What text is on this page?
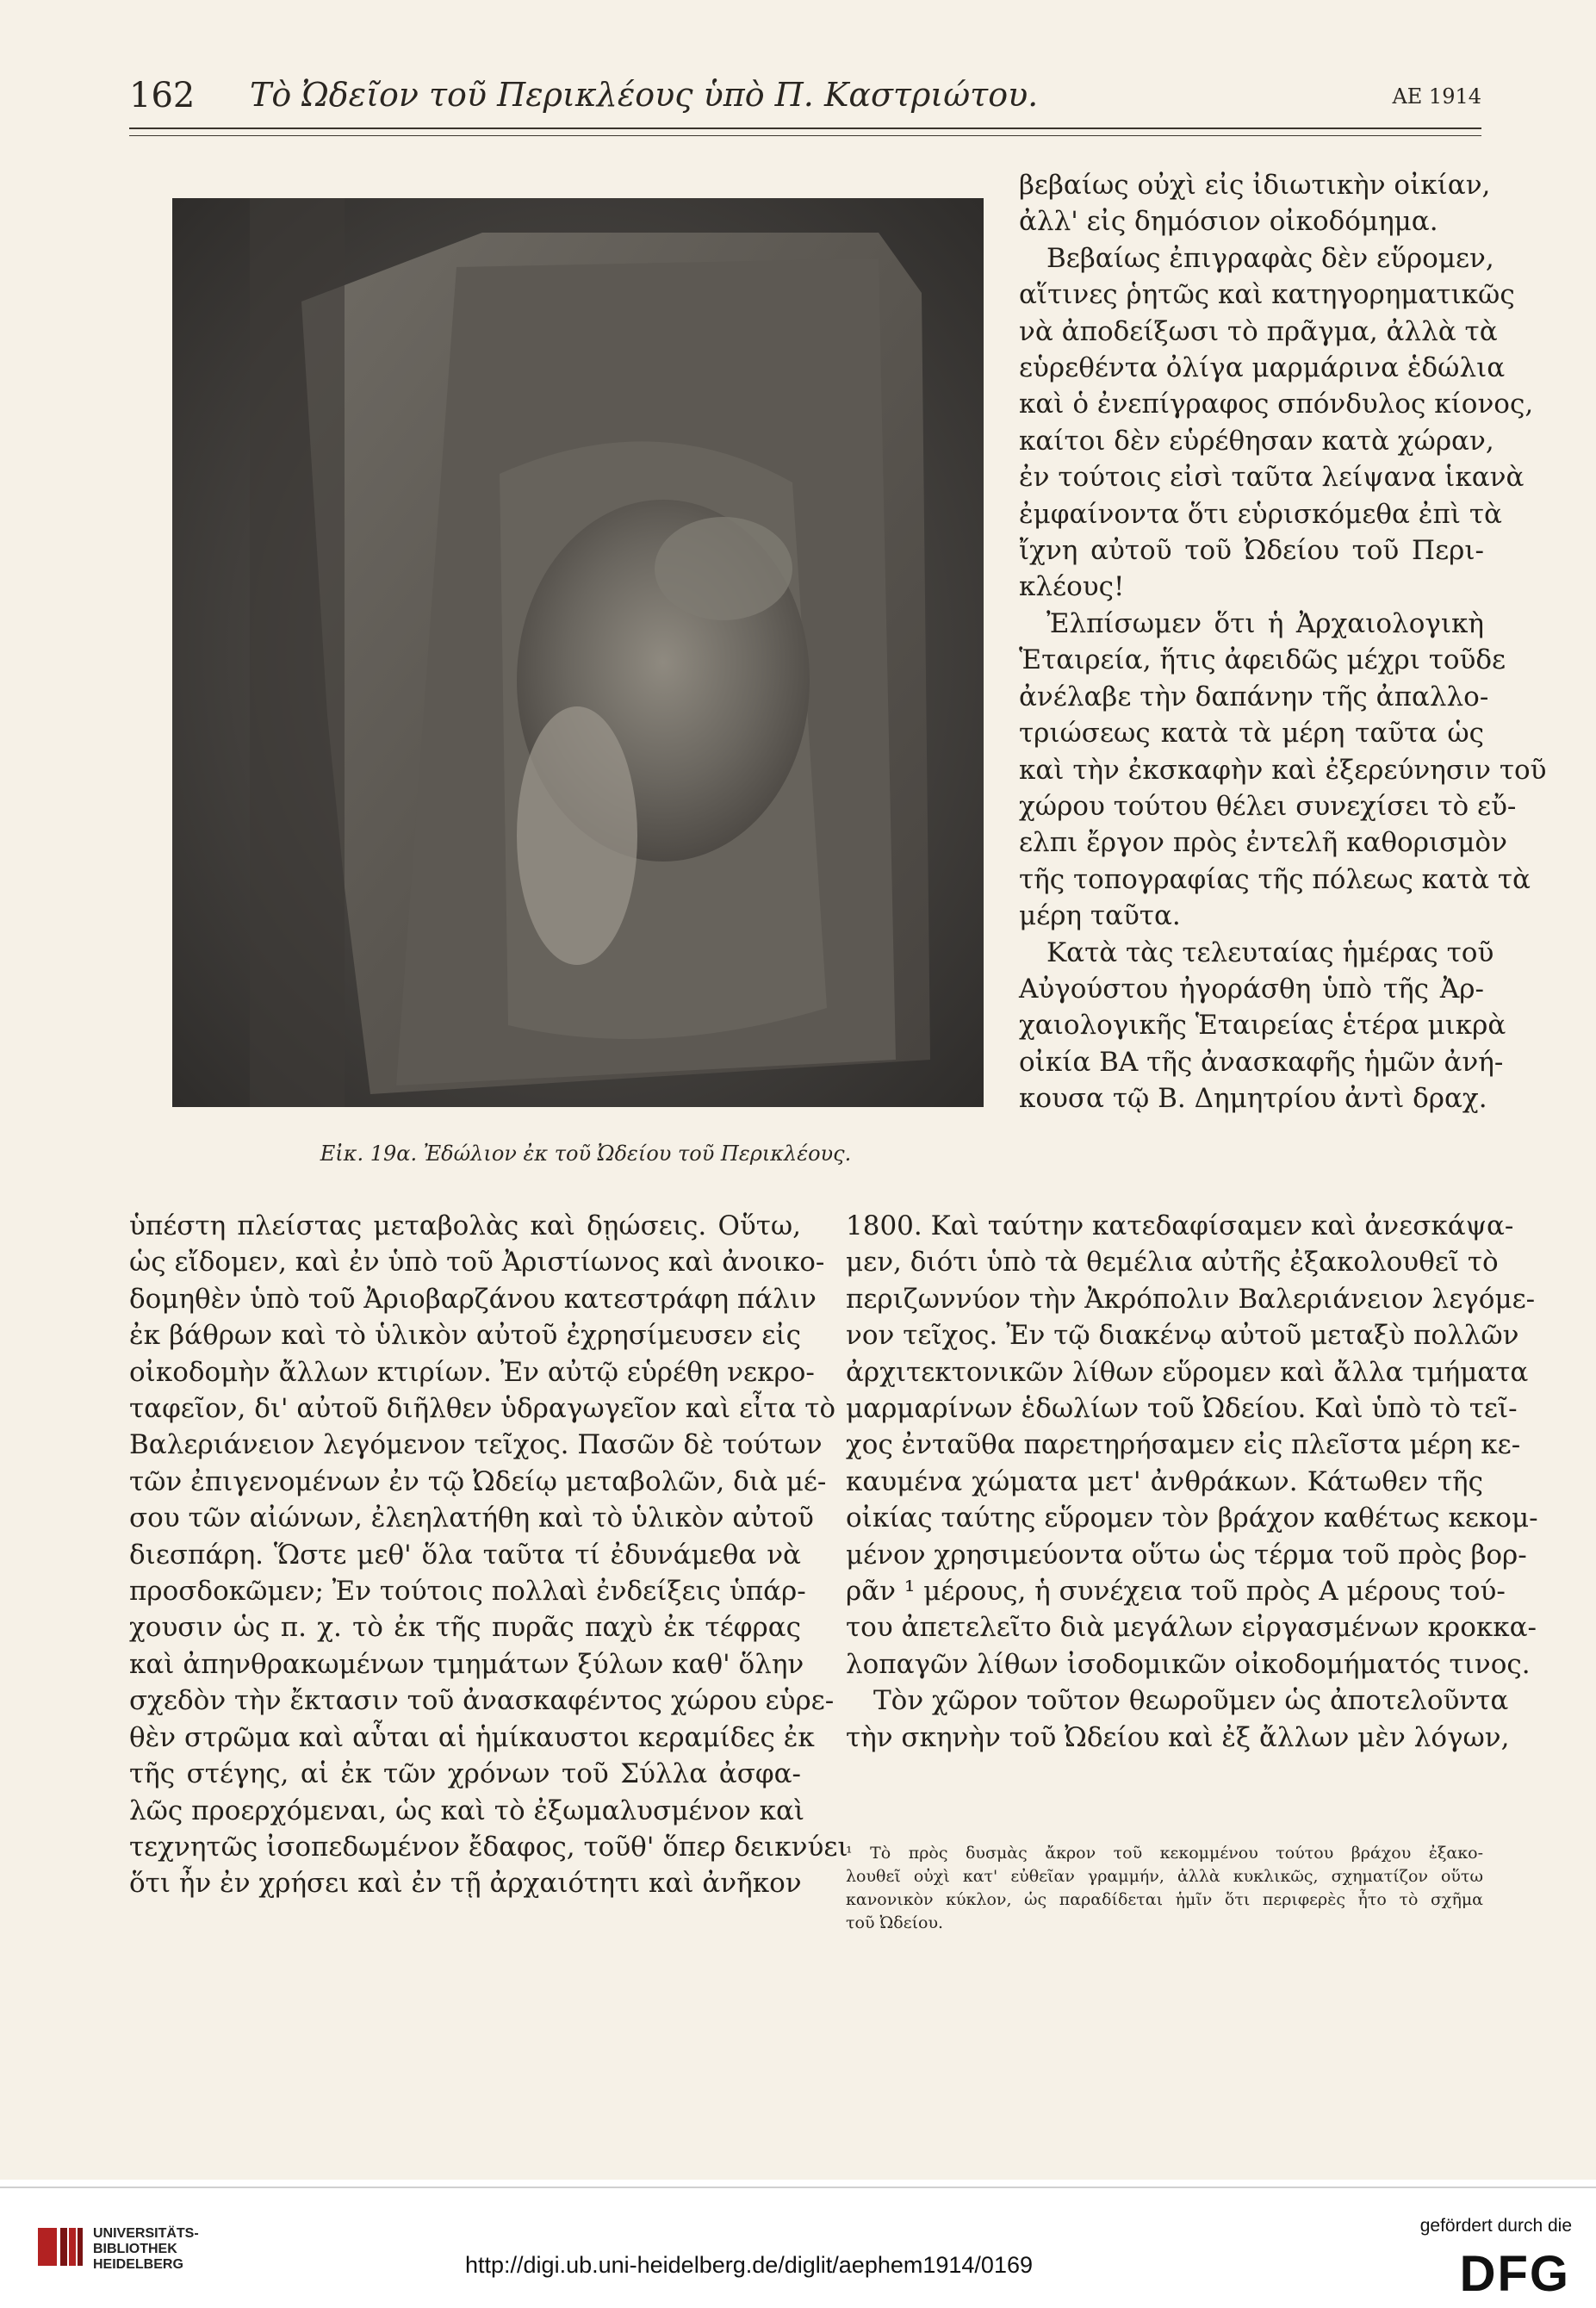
162 Τὸ Ὠδεῖον τοῦ Περικλέους ὑπὸ Π. Καστριώτου.	ΑΕ 1914
Εἰκ. 19α. Ἐδώλιον ἐκ τοῦ Ὠδείου τοῦ Περικλέους.
βεβαίως οὐχὶ εἰς ἰδιωτικὴν οἰκίαν,
ἀλλ' εἰς δημόσιον οἰκοδόμημα.
Βεβαίως ἐπιγραφὰς δὲν εὕρομεν,
αἵτινες ῥητῶς καὶ κατηγορηματικῶς
νὰ ἀποδείξωσι τὸ πρᾶγμα, ἀλλὰ τὰ
εὑρεθέντα ὀλίγα μαρμάρινα ἑδώλια
καὶ ὁ ἐνεπίγραφος σπόνδυλος κίονος,
καίτοι δὲν εὑρέθησαν κατὰ χώραν,
ἐν τούτοις εἰσὶ ταῦτα λείψανα ἱκανὰ
ἐμφαίνοντα ὅτι εὑρισκόμεθα ἐπὶ τὰ
ἴχνη αὐτοῦ τοῦ Ὠδείου τοῦ Περι-
κλέους!
Ἐλπίσωμεν ὅτι ἡ Ἀρχαιολογικὴ
Ἑταιρεία, ἥτις ἀφειδῶς μέχρι τοῦδε
ἀνέλαβε τὴν δαπάνην τῆς ἀπαλλο-
τριώσεως κατὰ τὰ μέρη ταῦτα ὡς
καὶ τὴν ἐκσκαφὴν καὶ ἐξερεύνησιν τοῦ
χώρου τούτου θέλει συνεχίσει τὸ εὔ-
ελπι ἔργον πρὸς ἐντελῆ καθορισμὸν
τῆς τοπογραφίας τῆς πόλεως κατὰ τὰ
μέρη ταῦτα.
Κατὰ τὰς τελευταίας ἡμέρας τοῦ
Αὐγούστου ἠγοράσθη ὑπὸ τῆς Ἀρ-
χαιολογικῆς Ἑταιρείας ἑτέρα μικρὰ
οἰκία ΒΑ τῆς ἀνασκαφῆς ἡμῶν ἀνή-
κουσα τῷ Β. Δημητρίου ἀντὶ δραχ.
ὑπέστη πλείστας μεταβολὰς καὶ δῃώσεις. Οὕτω,
ὡς εἴδομεν, καὶ ἐν ὑπὸ τοῦ Ἀριστίωνος καὶ ἀνοικο-
δομηθὲν ὑπὸ τοῦ Ἀριοβαρζάνου κατεστράφη πάλιν
ἐκ βάθρων καὶ τὸ ὑλικὸν αὐτοῦ ἐχρησίμευσεν εἰς
οἰκοδομὴν ἄλλων κτιρίων. Ἐν αὐτῷ εὑρέθη νεκρο-
ταφεῖον, δι' αὐτοῦ διῆλθεν ὑδραγωγεῖον καὶ εἶτα τὸ
Βαλεριάνειον λεγόμενον τεῖχος. Πασῶν δὲ τούτων
τῶν ἐπιγενομένων ἐν τῷ Ὠδείῳ μεταβολῶν, διὰ μέ-
σου τῶν αἰώνων, ἐλεηλατήθη καὶ τὸ ὑλικὸν αὐτοῦ
διεσπάρη. Ὥστε μεθ' ὅλα ταῦτα τί ἐδυνάμεθα νὰ
προσδοκῶμεν; Ἐν τούτοις πολλαὶ ἐνδείξεις ὑπάρ-
χουσιν ὡς π. χ. τὸ ἐκ τῆς πυρᾶς παχὺ ἐκ τέφρας
καὶ ἀπηνθρακωμένων τμημάτων ξύλων καθ' ὅλην
σχεδὸν τὴν ἔκτασιν τοῦ ἀνασκαφέντος χώρου εὑρε-
θὲν στρῶμα καὶ αὗται αἱ ἡμίκαυστοι κεραμίδες ἐκ
τῆς στέγης, αἱ ἐκ τῶν χρόνων τοῦ Σύλλα ἀσφα-
λῶς προερχόμεναι, ὡς καὶ τὸ ἐξωμαλυσμένον καὶ
τεχνητῶς ἰσοπεδωμένον ἔδαφος, τοῦθ' ὅπερ δεικνύει
ὅτι ἦν ἐν χρήσει καὶ ἐν τῇ ἀρχαιότητι καὶ ἀνῆκον
1800. Καὶ ταύτην κατεδαφίσαμεν καὶ ἀνεσκάψα-
μεν, διότι ὑπὸ τὰ θεμέλια αὐτῆς ἐξακολουθεῖ τὸ
περιζωννύον τὴν Ἀκρόπολιν Βαλεριάνειον λεγόμε-
νον τεῖχος. Ἐν τῷ διακένῳ αὐτοῦ μεταξὺ πολλῶν
ἀρχιτεκτονικῶν λίθων εὕρομεν καὶ ἄλλα τμήματα
μαρμαρίνων ἑδωλίων τοῦ Ὠδείου. Καὶ ὑπὸ τὸ τεῖ-
χος ἐνταῦθα παρετηρήσαμεν εἰς πλεῖστα μέρη κε-
καυμένα χώματα μετ' ἀνθράκων. Κάτωθεν τῆς
οἰκίας ταύτης εὕρομεν τὸν βράχον καθέτως κεκομ-
μένον χρησιμεύοντα οὕτω ὡς τέρμα τοῦ πρὸς βορ-
ρᾶν ¹ μέρους, ἡ συνέχεια τοῦ πρὸς Α μέρους τού-
του ἀπετελεῖτο διὰ μεγάλων εἰργασμένων κροκκα-
λοπαγῶν λίθων ἰσοδομικῶν οἰκοδομήματός τινος.
Τὸν χῶρον τοῦτον θεωροῦμεν ὡς ἀποτελοῦντα
τὴν σκηνὴν τοῦ Ὠδείου καὶ ἐξ ἄλλων μὲν λόγων,
¹ Τὸ πρὸς δυσμὰς ἄκρον τοῦ κεκομμένου τούτου βράχου ἐξακο-
λουθεῖ οὐχὶ κατ' εὐθεῖαν γραμμήν, ἀλλὰ κυκλικῶς, σχηματίζον οὕτω
κανονικὸν κύκλον, ὡς παραδίδεται ἡμῖν ὅτι περιφερὲς ἦτο τὸ σχῆμα
τοῦ Ὠδείου.
UNIVERSITÄTS-
BIBLIOTHEK
HEIDELBERG	http://digi.ub.uni-heidelberg.de/diglit/aephem1914/0169
gefördert durch die
DFG
